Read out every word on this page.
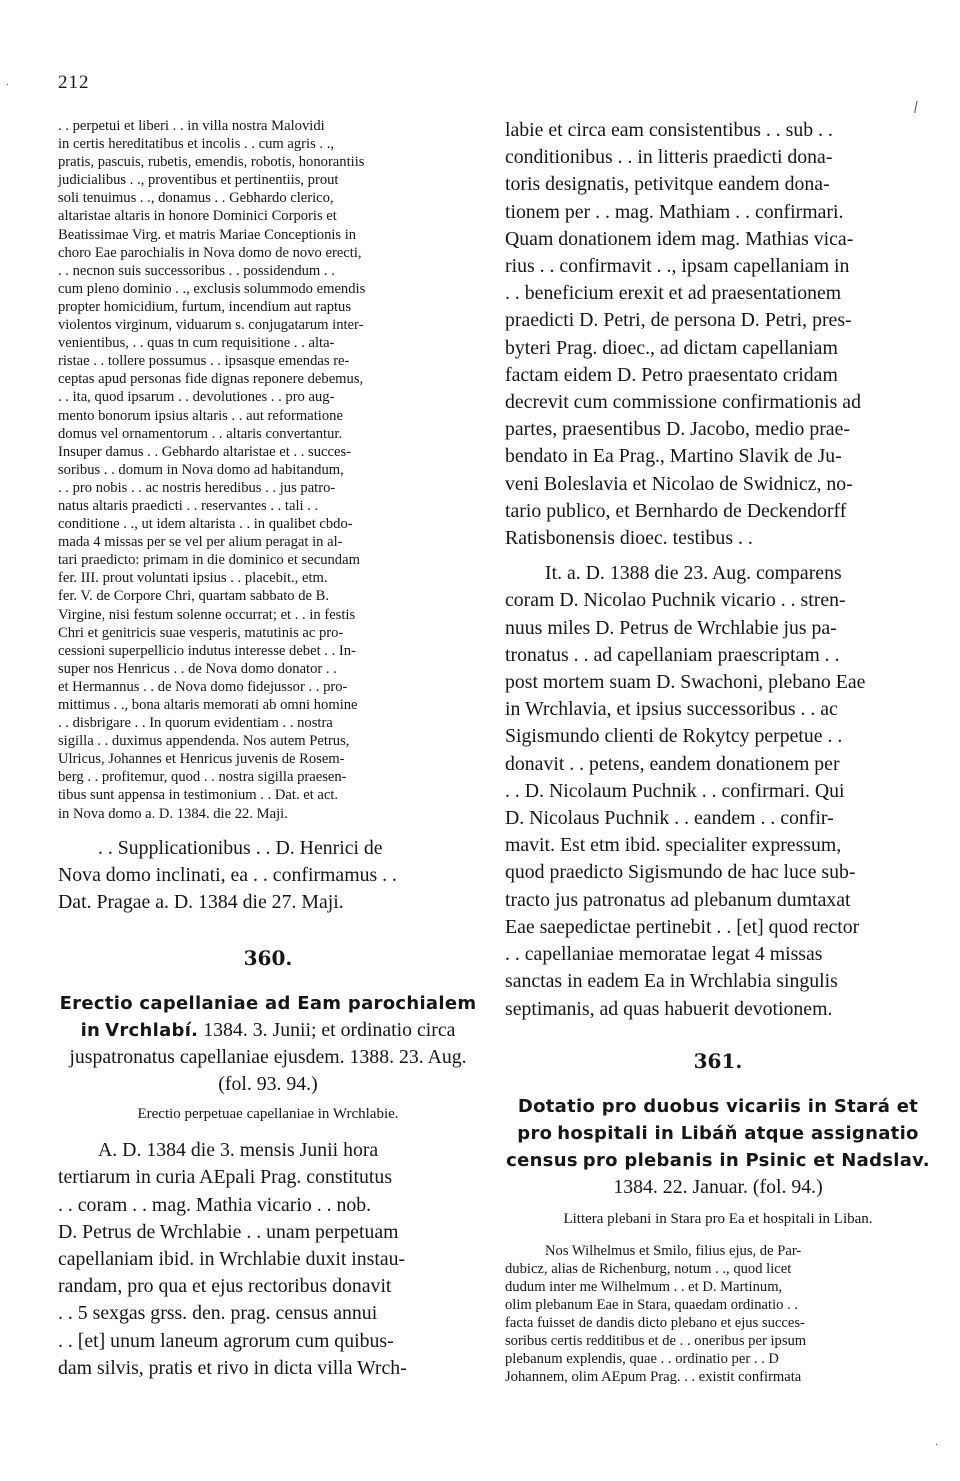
212

. . perpetui et liberi . . in villa nostra Malovidi
in certis hereditatibus et incolis . . cum agris . .,
pratis, pascuis, rubetis, emendis, robotis, honorantiis
judicialibus . ., proventibus et pertinentiis, prout
soli tenuimus . ., donamus . . Gebhardo clerico,
altaristae altaris in honore Dominici Corporis et
Beatissimae Virg. et matris Mariae Conceptionis in
choro Eae parochialis in Nova domo de novo erecti,
. . necnon suis successoribus . . possidendum . .
cum pleno dominio . ., exclusis solummodo emendis
propter homicidium, furtum, incendium aut raptus
violentos virginum, viduarum s. conjugatarum inter-
venientibus, . . quas tn cum requisitione . . alta-
ristae . . tollere possumus . . ipsasque emendas re-
ceptas apud personas fide dignas reponere debemus,
. . ita, quod ipsarum . . devolutiones . . pro aug-
mento bonorum ipsius altaris . . aut reformatione
domus vel ornamentorum . . altaris convertantur.
Insuper damus . . Gebhardo altaristae et . . succes-
soribus . . domum in Nova domo ad habitandum,
. . pro nobis . . ac nostris heredibus . . jus patro-
natus altaris praedicti . . reservantes . . tali . .
conditione . ., ut idem altarista . . in qualibet cbdo-
mada 4 missas per se vel per alium peragat in al-
tari praedicto: primam in die dominico et secundam
fer. III. prout voluntati ipsius . . placebit., etm.
fer. V. de Corpore Chri, quartam sabbato de B.
Virgine, nisi festum solenne occurrat; et . . in festis
Chri et genitricis suae vesperis, matutinis ac pro-
cessioni superpellicio indutus interesse debet . . In-
super nos Henricus . . de Nova domo donator . .
et Hermannus . . de Nova domo fidejussor . . pro-
mittimus . ., bona altaris memorati ab omni homine
. . disbrigare . . In quorum evidentiam . . nostra
sigilla . . duximus appendenda. Nos autem Petrus,
Ulricus, Johannes et Henricus juvenis de Rosem-
berg . . profitemur, quod . . nostra sigilla praesen-
tibus sunt appensa in testimonium . . Dat. et act.
in Nova domo a. D. 1384. die 22. Maji.

. . Supplicationibus . . D. Henrici de
Nova domo inclinati, ea . . confirmamus . .
Dat. Pragae a. D. 1384 die 27. Maji.

360.

Erectio capellaniae ad Eam parochialem in Vrchlabí. 1384. 3. Junii; et ordinatio circa juspatronatus capellaniae ejusdem. 1388. 23. Aug. (fol. 93. 94.)

Erectio perpetuae capellaniae in Wrchlabie.

A. D. 1384 die 3. mensis Junii hora
tertiarum in curia AEpali Prag. constitutus
. . coram . . mag. Mathia vicario . . nob.
D. Petrus de Wrchlabie . . unam perpetuam
capellaniam ibid. in Wrchlabie duxit instau-
randam, pro qua et ejus rectoribus donavit
. . 5 sexgas grss. den. prag. census annui
. . [et] unum laneum agrorum cum quibus-
dam silvis, pratis et rivo in dicta villa Wrch-

labie et circa eam consistentibus . . sub . .
conditionibus . . in litteris praedicti dona-
toris designatis, petivitque eandem dona-
tionem per . . mag. Mathiam . . confirmari.
Quam donationem idem mag. Mathias vica-
rius . . confirmavit . ., ipsam capellaniam in
. . beneficium erexit et ad praesentationem
praedicti D. Petri, de persona D. Petri, pres-
byteri Prag. dioec., ad dictam capellaniam
factam eidem D. Petro praesentato cridam
decrevit cum commissione confirmationis ad
partes, praesentibus D. Jacobo, medio prae-
bendato in Ea Prag., Martino Slavik de Ju-
veni Boleslavia et Nicolao de Swidnicz, no-
tario publico, et Bernhardo de Deckendorff
Ratisbonensis dioec. testibus . .

It. a. D. 1388 die 23. Aug. comparens
coram D. Nicolao Puchnik vicario . . stren-
nuus miles D. Petrus de Wrchlabie jus pa-
tronatus . . ad capellaniam praescriptam . .
post mortem suam D. Swachoni, plebano Eae
in Wrchlavia, et ipsius successoribus . . ac
Sigismundo clienti de Rokytcy perpetue . .
donavit . . petens, eandem donationem per
. . D. Nicolaum Puchnik . . confirmari. Qui
D. Nicolaus Puchnik . . eandem . . confir-
mavit. Est etm ibid. specialiter expressum,
quod praedicto Sigismundo de hac luce sub-
tracto jus patronatus ad plebanum dumtaxat
Eae saepedictae pertinebit . . [et] quod rector
. . capellaniae memoratae legat 4 missas
sanctas in eadem Ea in Wrchlabia singulis
septimanis, ad quas habuerit devotionem.

361.

Dotatio pro duobus vicariis in Stará et pro hospitali in Libáň atque assignatio census pro plebanis in Psinic et Nadslav. 1384. 22. Januar. (fol. 94.)

Littera plebani in Stara pro Ea et hospitali in Liban.

Nos Wilhelmus et Smilo, filius ejus, de Par-
dubicz, alias de Richenburg, notum . ., quod licet
dudum inter me Wilhelmum . . et D. Martinum,
olim plebanum Eae in Stara, quaedam ordinatio . .
facta fuisset de dandis dicto plebano et ejus succes-
soribus certis redditibus et de . . oneribus per ipsum
plebanum explendis, quae . . ordinatio per . . D
Johannem, olim AEpum Prag. . . existit confirmata

·
⁄
·
